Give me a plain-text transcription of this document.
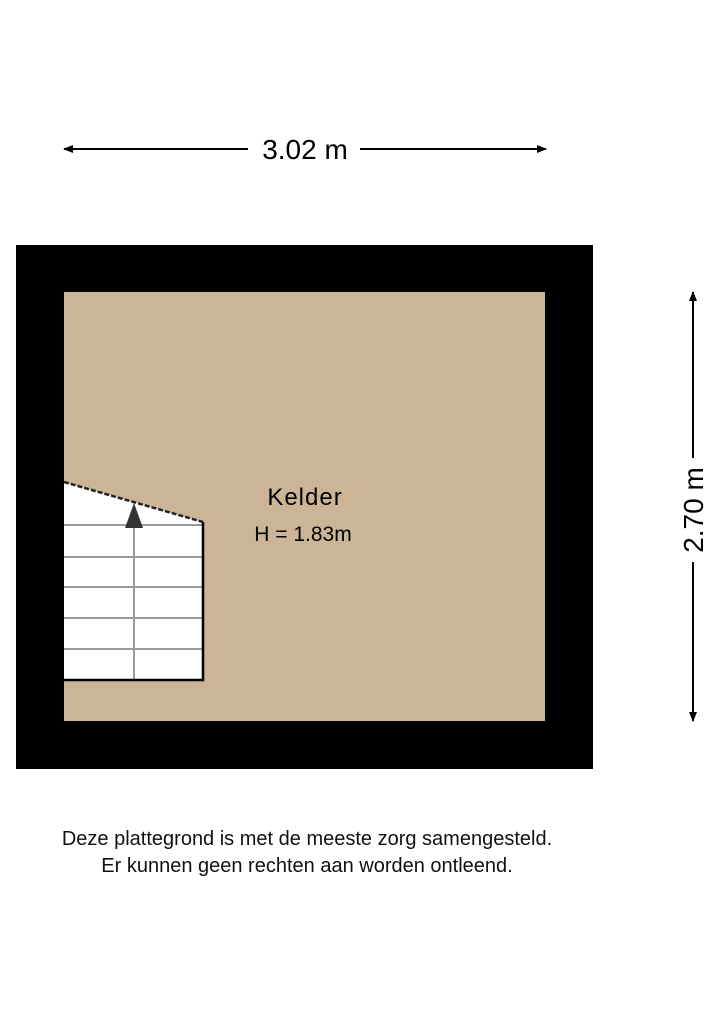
3.02 m
2.70 m
Kelder
H = 1.83m
Deze plattegrond is met de meeste zorg samengesteld.
Er kunnen geen rechten aan worden ontleend.
